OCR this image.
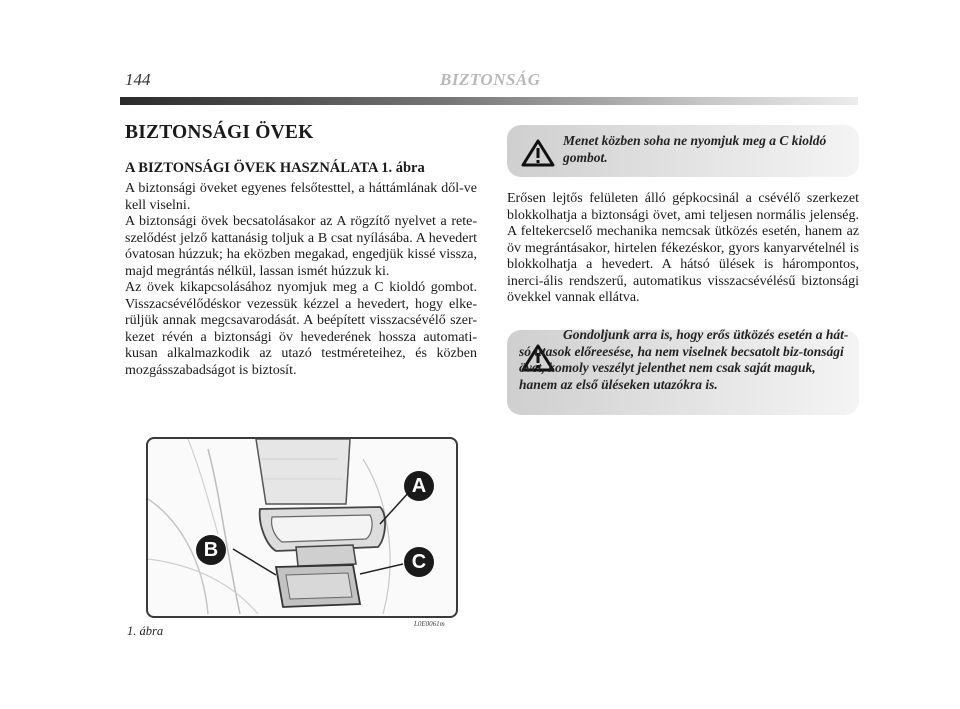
144	BIZTONSÁG
BIZTONSÁGI ÖVEK
A BIZTONSÁGI ÖVEK HASZNÁLATA 1. ábra

A biztonsági öveket egyenes felsőtesttel, a háttámlának dől-ve kell viselni.

A biztonsági övek becsatolásakor az A rögzítő nyelvet a rete-szelődést jelző kattanásig toljuk a B csat nyílásába. A hevedert óvatosan húzzuk; ha eközben megakad, engedjük kissé vissza, majd megrántás nélkül, lassan ismét húzzuk ki.

Az övek kikapcsolásához nyomjuk meg a C kioldó gombot. Visszacsévélődéskor vezessük kézzel a hevedert, hogy elke-rüljük annak megcsavarodását. A beépített visszacsévélő szer-kezet révén a biztonsági öv hevederének hossza automati-kusan alkalmazkodik az utazó testméreteihez, és közben mozgásszabadságot is biztosít.

Menet közben soha ne nyomjuk meg a C kioldó gombot.

Erősen lejtős felületen álló gépkocsinál a csévélő szerkezet blokkolhatja a biztonsági övet, ami teljesen normális jelenség. A feltekercselő mechanika nemcsak ütközés esetén, hanem az öv megrántásakor, hirtelen fékezéskor, gyors kanyarvételnél is blokkolhatja a hevedert. A hátsó ülések is hárompontos, inerci-ális rendszerű, automatikus visszacsévélésű biztonsági övekkel vannak ellátva.

Gondoljunk arra is, hogy erős ütközés esetén a hát-só utasok előreesése, ha nem viselnek becsatolt biz-tonsági övet, komoly veszélyt jelenthet nem csak saját maguk, hanem az első üléseken utazókra is.
A
B
C
1. ábra	L0E0061m
